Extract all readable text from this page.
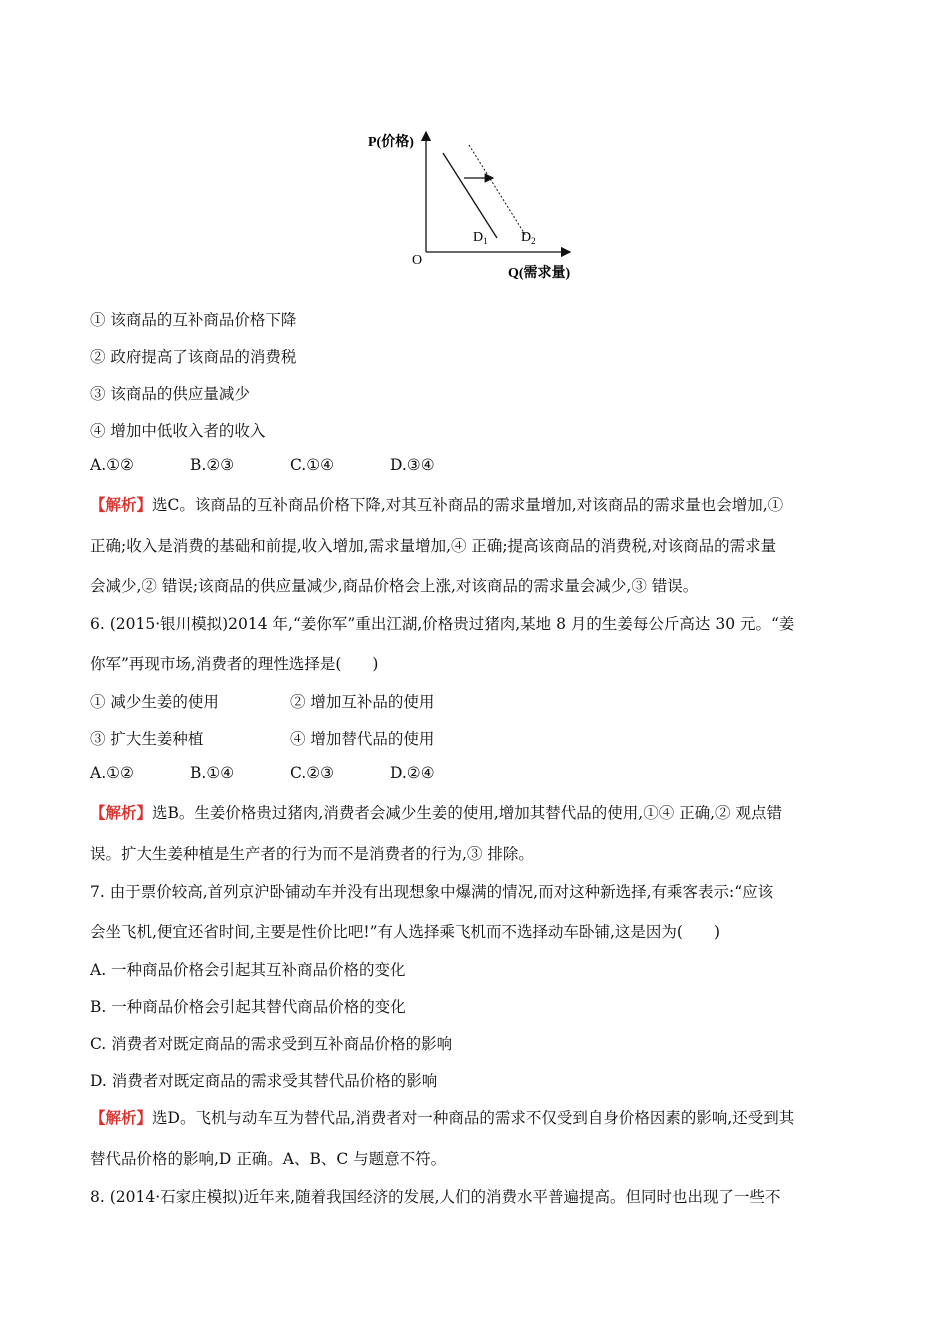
P(价格)
Q(需求量)
O
$D_1$ $D_2$
① 该商品的互补商品价格下降
② 政府提高了该商品的消费税
③ 该商品的供应量减少
④ 增加中低收入者的收入
A.①②	B.②③	C.①④	D.③④
【解析】选C。该商品的互补商品价格下降,对其互补商品的需求量增加,对该商品的需求量也会增加,①
正确;收入是消费的基础和前提,收入增加,需求量增加,④ 正确;提高该商品的消费税,对该商品的需求量
会减少,② 错误;该商品的供应量减少,商品价格会上涨,对该商品的需求量会减少,③ 错误。
6. (2015·银川模拟)2014 年,“姜你军”重出江湖,价格贵过猪肉,某地 8 月的生姜每公斤高达 30 元。“姜
你军”再现市场,消费者的理性选择是(　　)
① 减少生姜的使用	② 增加互补品的使用
③ 扩大生姜种植	④ 增加替代品的使用
A.①②	B.①④	C.②③	D.②④
【解析】选B。生姜价格贵过猪肉,消费者会减少生姜的使用,增加其替代品的使用,①④ 正确,② 观点错
误。扩大生姜种植是生产者的行为而不是消费者的行为,③ 排除。
7. 由于票价较高,首列京沪卧铺动车并没有出现想象中爆满的情况,而对这种新选择,有乘客表示:“应该
会坐飞机,便宜还省时间,主要是性价比吧!”有人选择乘飞机而不选择动车卧铺,这是因为(　　)
A. 一种商品价格会引起其互补商品价格的变化
B. 一种商品价格会引起其替代商品价格的变化
C. 消费者对既定商品的需求受到互补商品价格的影响
D. 消费者对既定商品的需求受其替代品价格的影响
【解析】选D。飞机与动车互为替代品,消费者对一种商品的需求不仅受到自身价格因素的影响,还受到其
替代品价格的影响,D 正确。A、B、C 与题意不符。
8. (2014·石家庄模拟)近年来,随着我国经济的发展,人们的消费水平普遍提高。但同时也出现了一些不
